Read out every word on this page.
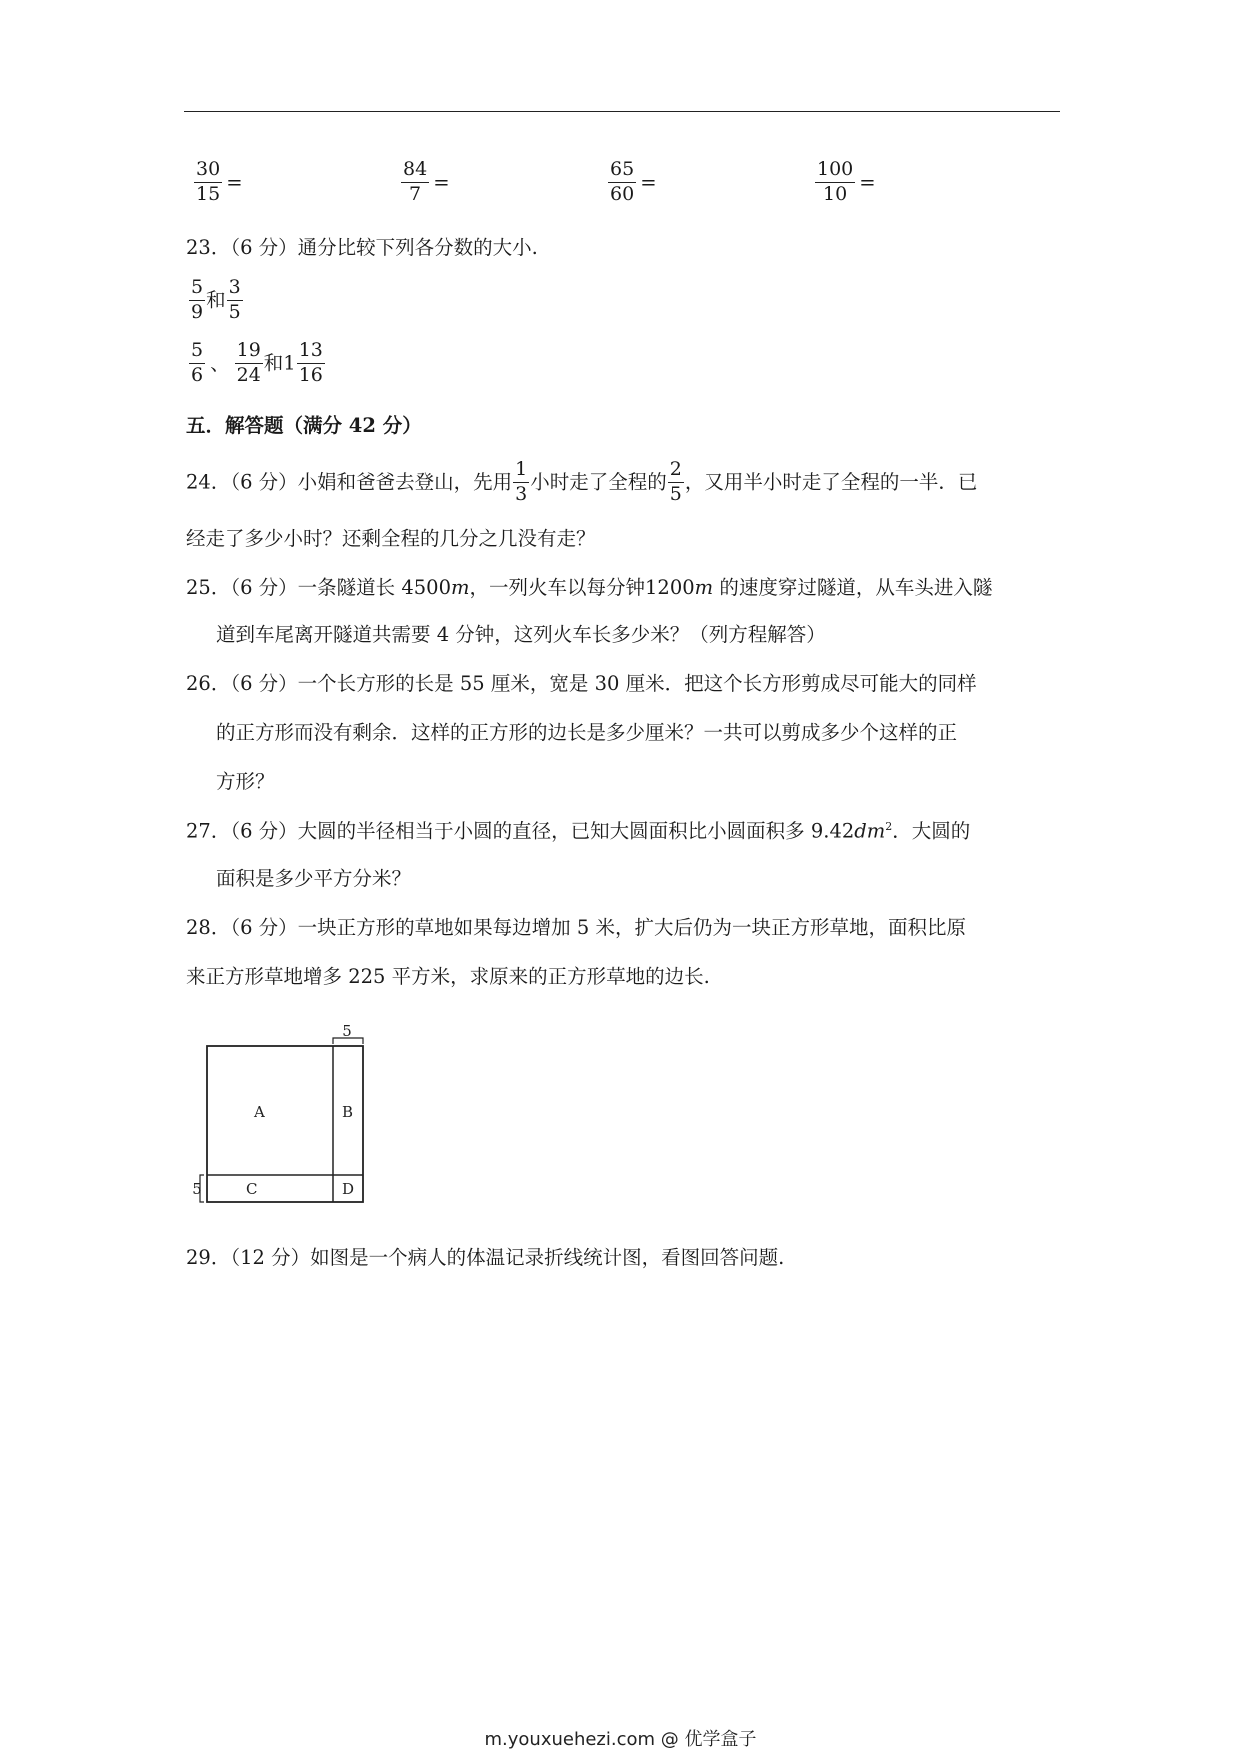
$\frac{30}{15}$ =	$\frac{84}{7}$ =	$\frac{65}{60}$ =	$\frac{100}{10}$ =
23．（6 分）通分比较下列各分数的大小.
$\frac{5}{9}$ 和 $\frac{3}{5}$
$\frac{5}{6}$ 、 $\frac{19}{24}$ 和$1 \frac{13}{16}$
五．解答题（满分 42 分）
24．（6 分）小娟和爸爸去登山，先用 $\frac{1}{3}$ 小时走了全程的 $\frac{2}{5}$ ，又用半小时走了全程的一半．已
经走了多少小时？还剩全程的几分之几没有走？
25．（6 分）一条隧道长 4500m，一列火车以每分钟1200m 的速度穿过隧道，从车头进入隧
道到车尾离开隧道共需要 4 分钟，这列火车长多少米？（列方程解答）
26．（6 分）一个长方形的长是 55 厘米，宽是 30 厘米．把这个长方形剪成尽可能大的同样
的正方形而没有剩余．这样的正方形的边长是多少厘米？一共可以剪成多少个这样的正
方形？
27．（6 分）大圆的半径相当于小圆的直径，已知大圆面积比小圆面积多 $9.42dm^2$．大圆的
面积是多少平方分米？
28．（6 分）一块正方形的草地如果每边增加 5 米，扩大后仍为一块正方形草地，面积比原
来正方形草地增多 225 平方米，求原来的正方形草地的边长.
5
5
A	B
C	D
29．（12 分）如图是一个病人的体温记录折线统计图，看图回答问题.
m.youxuehezi.com @ 优学盒子
